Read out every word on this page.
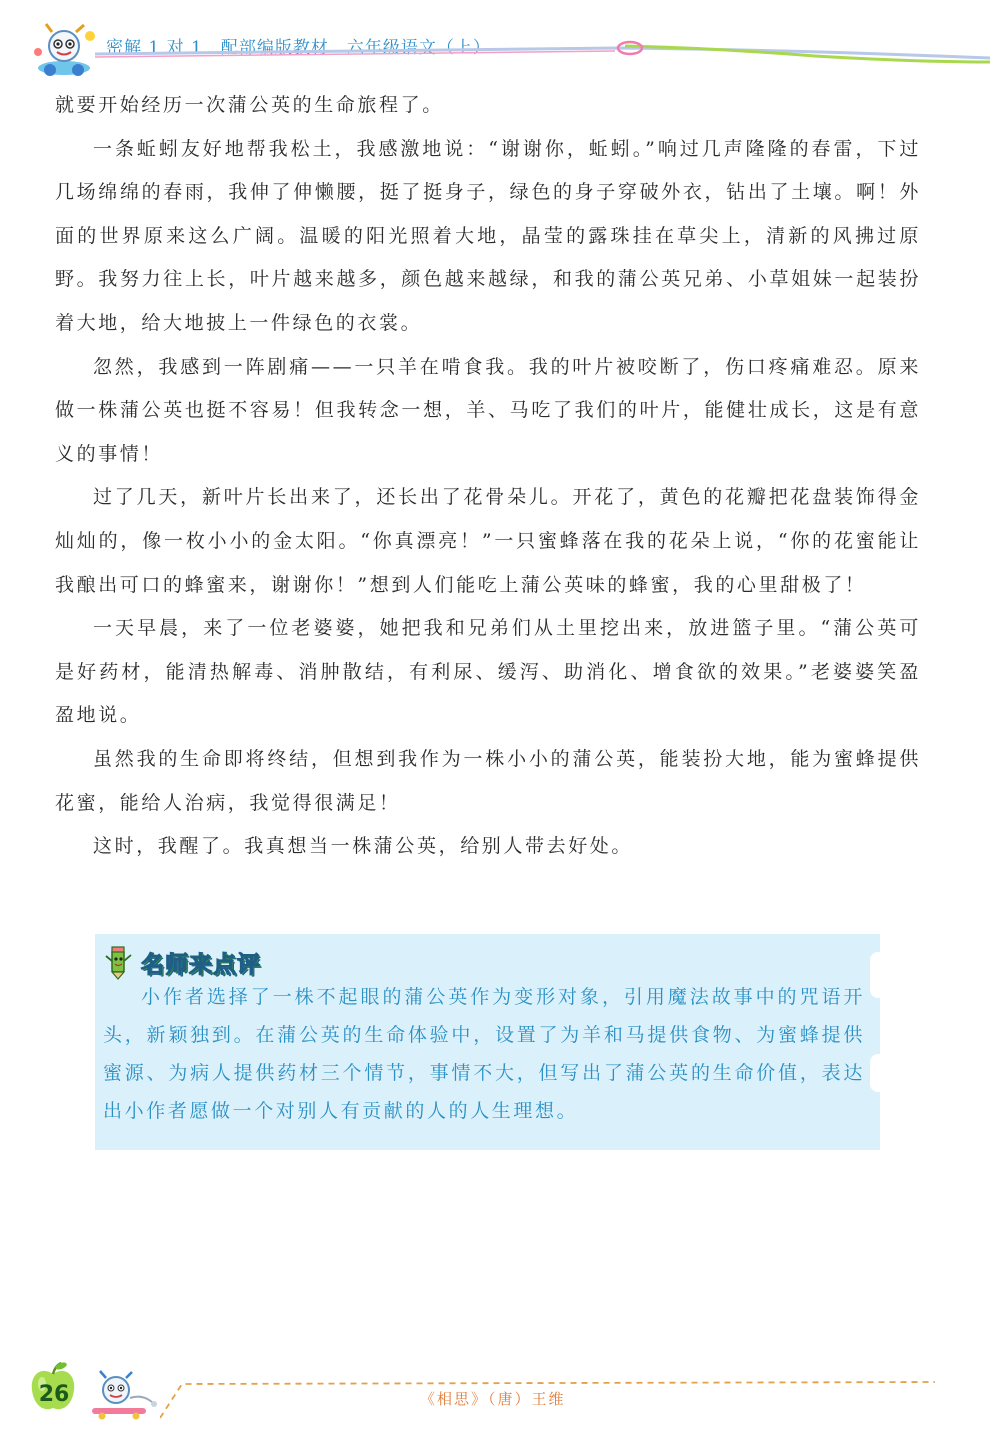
密解 1 对 1　配部编版教材　六年级语文（上）

就要开始经历一次蒲公英的生命旅程了。

一条蚯蚓友好地帮我松土，我感激地说：“谢谢你，蚯蚓。”响过几声隆隆的春雷，下过几场绵绵的春雨，我伸了伸懒腰，挺了挺身子，绿色的身子穿破外衣，钻出了土壤。啊！外面的世界原来这么广阔。温暖的阳光照着大地，晶莹的露珠挂在草尖上，清新的风拂过原野。我努力往上长，叶片越来越多，颜色越来越绿，和我的蒲公英兄弟、小草姐妹一起装扮着大地，给大地披上一件绿色的衣裳。

忽然，我感到一阵剧痛——一只羊在啃食我。我的叶片被咬断了，伤口疼痛难忍。原来做一株蒲公英也挺不容易！但我转念一想，羊、马吃了我们的叶片，能健壮成长，这是有意义的事情！

过了几天，新叶片长出来了，还长出了花骨朵儿。开花了，黄色的花瓣把花盘装饰得金灿灿的，像一枚小小的金太阳。“你真漂亮！”一只蜜蜂落在我的花朵上说，“你的花蜜能让我酿出可口的蜂蜜来，谢谢你！”想到人们能吃上蒲公英味的蜂蜜，我的心里甜极了！

一天早晨，来了一位老婆婆，她把我和兄弟们从土里挖出来，放进篮子里。“蒲公英可是好药材，能清热解毒、消肿散结，有利尿、缓泻、助消化、增食欲的效果。”老婆婆笑盈盈地说。

虽然我的生命即将终结，但想到我作为一株小小的蒲公英，能装扮大地，能为蜜蜂提供花蜜，能给人治病，我觉得很满足！

这时，我醒了。我真想当一株蒲公英，给别人带去好处。

名师来点评

小作者选择了一株不起眼的蒲公英作为变形对象，引用魔法故事中的咒语开头，新颖独到。在蒲公英的生命体验中，设置了为羊和马提供食物、为蜜蜂提供蜜源、为病人提供药材三个情节，事情不大，但写出了蒲公英的生命价值，表达出小作者愿做一个对别人有贡献的人的人生理想。

26	《相思》（唐）王维
